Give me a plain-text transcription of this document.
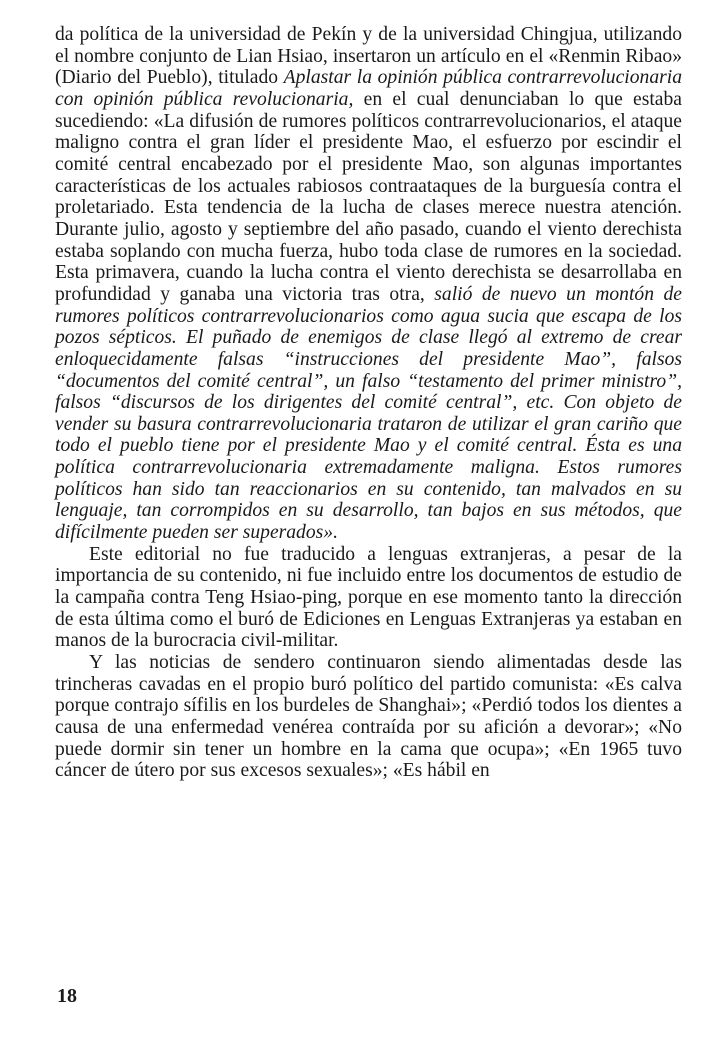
da política de la universidad de Pekín y de la universidad Chingjua, utilizando el nombre conjunto de Lian Hsiao, insertaron un artículo en el «Renmin Ribao» (Diario del Pueblo), titulado Aplastar la opinión pública contrarrevolucionaria con opinión pública revolucionaria, en el cual denunciaban lo que estaba sucediendo: «La difusión de rumores políticos contrarrevolucionarios, el ataque maligno contra el gran líder el presidente Mao, el esfuerzo por escindir el comité central encabezado por el presidente Mao, son algunas importantes características de los actuales rabiosos contraataques de la burguesía contra el proletariado. Esta tendencia de la lucha de clases merece nuestra atención. Durante julio, agosto y septiembre del año pasado, cuando el viento derechista estaba soplando con mucha fuerza, hubo toda clase de rumores en la sociedad. Esta primavera, cuando la lucha contra el viento derechista se desarrollaba en profundidad y ganaba una victoria tras otra, salió de nuevo un montón de rumores políticos contrarrevolucionarios como agua sucia que escapa de los pozos sépticos. El puñado de enemigos de clase llegó al extremo de crear enloquecidamente falsas “instrucciones del presidente Mao”, falsos “documentos del comité central”, un falso “testamento del primer ministro”, falsos “discursos de los dirigentes del comité central”, etc. Con objeto de vender su basura contrarrevolucionaria trataron de utilizar el gran cariño que todo el pueblo tiene por el presidente Mao y el comité central. Ésta es una política contrarrevolucionaria extremadamente maligna. Estos rumores políticos han sido tan reaccionarios en su contenido, tan malvados en su lenguaje, tan corrompidos en su desarrollo, tan bajos en sus métodos, que difícilmente pueden ser superados».

Este editorial no fue traducido a lenguas extranjeras, a pesar de la importancia de su contenido, ni fue incluido entre los documentos de estudio de la campaña contra Teng Hsiao-ping, porque en ese momento tanto la dirección de esta última como el buró de Ediciones en Lenguas Extranjeras ya estaban en manos de la burocracia civil-militar.

Y las noticias de sendero continuaron siendo alimentadas desde las trincheras cavadas en el propio buró político del partido comunista: «Es calva porque contrajo sífilis en los burdeles de Shanghai»; «Perdió todos los dientes a causa de una enfermedad venérea contraída por su afición a devorar»; «No puede dormir sin tener un hombre en la cama que ocupa»; «En 1965 tuvo cáncer de útero por sus excesos sexuales»; «Es hábil en

18
